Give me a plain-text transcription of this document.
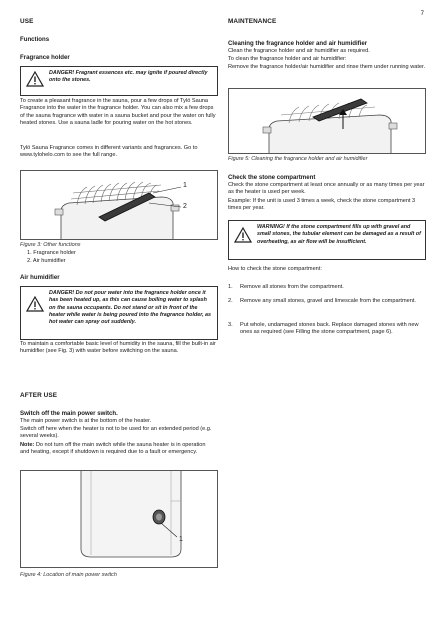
7
USE
Functions
Fragrance holder
DANGER! Fragrant essences etc. may ignite if poured directly onto the stones.

To create a pleasant fragrance in the sauna, pour a few drops of Tylö Sauna Fragrance into the water in the fragrance holder. You can also mix a few drops of the sauna fragrance with water in a sauna bucket and pour the water on fully heated stones. Use a sauna ladle for pouring water on the hot stones.

Tylö Sauna Fragrance comes in different variants and fragrances. Go to www.tylohelo.com to see the full range.

1
2
Figure 3: Other functions
1. Fragrance holder
2. Air humidifier
Air humidifier
DANGER! Do not pour water into the fragrance holder once it has been heated up, as this can cause boiling water to splash on the sauna occupants. Do not stand or sit in front of the heater while water is being poured into the fragrance holder, as hot water can spray out suddenly.

To maintain a comfortable basic level of humidity in the sauna, fill the built-in air humidifier (see Fig. 3) with water before switching on the sauna.

AFTER USE
Switch off the main power switch.

The main power switch is at the bottom of the heater.

Switch off here when the heater is not to be used for an extended period (e.g. several weeks).

Note: Do not turn off the main switch while the sauna heater is in operation and heating, except if shutdown is required due to a fault or emergency.

1
Figure 4: Location of main power switch
MAINTENANCE
Cleaning the fragrance holder and air humidifier

Clean the fragrance holder and air humidifier as required.

To clean the fragrance holder and air humidifier:

Remove the fragrance holder/air humidifier and rinse them under running water.

Figure 5: Cleaning the fragrance holder and air humidifier
Check the stone compartment

Check the stone compartment at least once annually or as many times per year as the heater is used per week.

Example: If the unit is used 3 times a week, check the stone compartment 3 times per year.

WARNING! If the stone compartment fills up with gravel and small stones, the tubular element can be damaged as a result of overheating, as air flow will be insufficient.

How to check the stone compartment:

1.	Remove all stones from the compartment.
2.	Remove any small stones, gravel and limescale from the compartment.
3.	Put whole, undamaged stones back. Replace damaged stones with new ones as required (see Filling the stone compartment, page 6).
